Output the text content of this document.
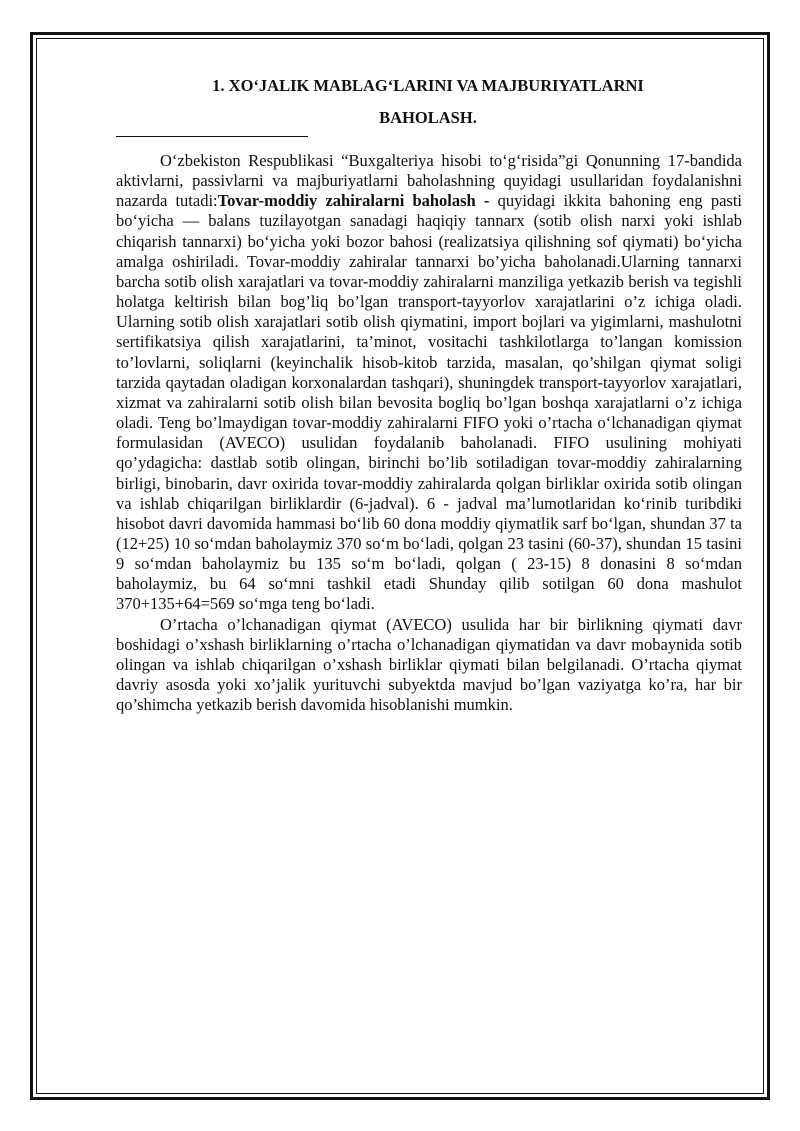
1. XO‘JALIK MABLAG‘LARINI VA MAJBURIYATLARNI
BAHOLASH.

O‘zbekiston Respublikasi “Buxgalteriya hisobi to‘g‘risida”gi Qonunning 17-bandida aktivlarni, passivlarni va majburiyatlarni baholashning quyidagi usullaridan foydalanishni nazarda tutadi:Tovar-moddiy zahiralarni baholash - quyidagi ikkita bahoning eng pasti bo‘yicha — balans tuzilayotgan sanadagi haqiqiy tannarx (sotib olish narxi yoki ishlab chiqarish tannarxi) bo‘yicha yoki bozor bahosi (realizatsiya qilishning sof qiymati) bo‘yicha amalga oshiriladi. Tovar-moddiy zahiralar tannarxi bo’yicha baholanadi.Ularning tannarxi barcha sotib olish xarajatlari va tovar-moddiy zahiralarni manziliga yetkazib berish va tegishli holatga keltirish bilan bog’liq bo’lgan transport-tayyorlov xarajatlarini o’z ichiga oladi. Ularning sotib olish xarajatlari sotib olish qiymatini, import bojlari va yigimlarni, mashulotni sertifikatsiya qilish xarajatlarini, ta’minot, vositachi tashkilotlarga to’langan komission to’lovlarni, soliqlarni (keyinchalik hisob-kitob tarzida, masalan, qo’shilgan qiymat soligi tarzida qaytadan oladigan korxonalardan tashqari), shuningdek transport-tayyorlov xarajatlari, xizmat va zahiralarni sotib olish bilan bevosita bogliq bo’lgan boshqa xarajatlarni o’z ichiga oladi. Teng bo’lmaydigan tovar-moddiy zahiralarni FIFO yoki o’rtacha o‘lchanadigan qiymat formulasidan (AVECO) usulidan foydalanib baholanadi. FIFO usulining mohiyati qo’ydagicha: dastlab sotib olingan, birinchi bo’lib sotiladigan tovar-moddiy zahiralarning birligi, binobarin, davr oxirida tovar-moddiy zahiralarda qolgan birliklar oxirida sotib olingan va ishlab chiqarilgan birliklardir (6-jadval). 6 - jadval ma’lumotlaridan ko‘rinib turibdiki hisobot davri davomida hammasi bo‘lib 60 dona moddiy qiymatlik sarf bo‘lgan, shundan 37 ta (12+25) 10 so‘mdan baholaymiz 370 so‘m bo‘ladi, qolgan 23 tasini (60-37), shundan 15 tasini 9 so‘mdan baholaymiz bu 135 so‘m bo‘ladi, qolgan ( 23-15) 8 donasini 8 so‘mdan baholaymiz, bu 64 so‘mni tashkil etadi Shunday qilib sotilgan 60 dona mashulot 370+135+64=569 so‘mga teng bo‘ladi.

O’rtacha o’lchanadigan qiymat (AVECO) usulida har bir birlikning qiymati davr boshidagi o’xshash birliklarning o’rtacha o’lchanadigan qiymatidan va davr mobaynida sotib olingan va ishlab chiqarilgan o’xshash birliklar qiymati bilan belgilanadi. O’rtacha qiymat davriy asosda yoki xo’jalik yurituvchi subyektda mavjud bo’lgan vaziyatga ko’ra, har bir qo’shimcha yetkazib berish davomida hisoblanishi mumkin.
